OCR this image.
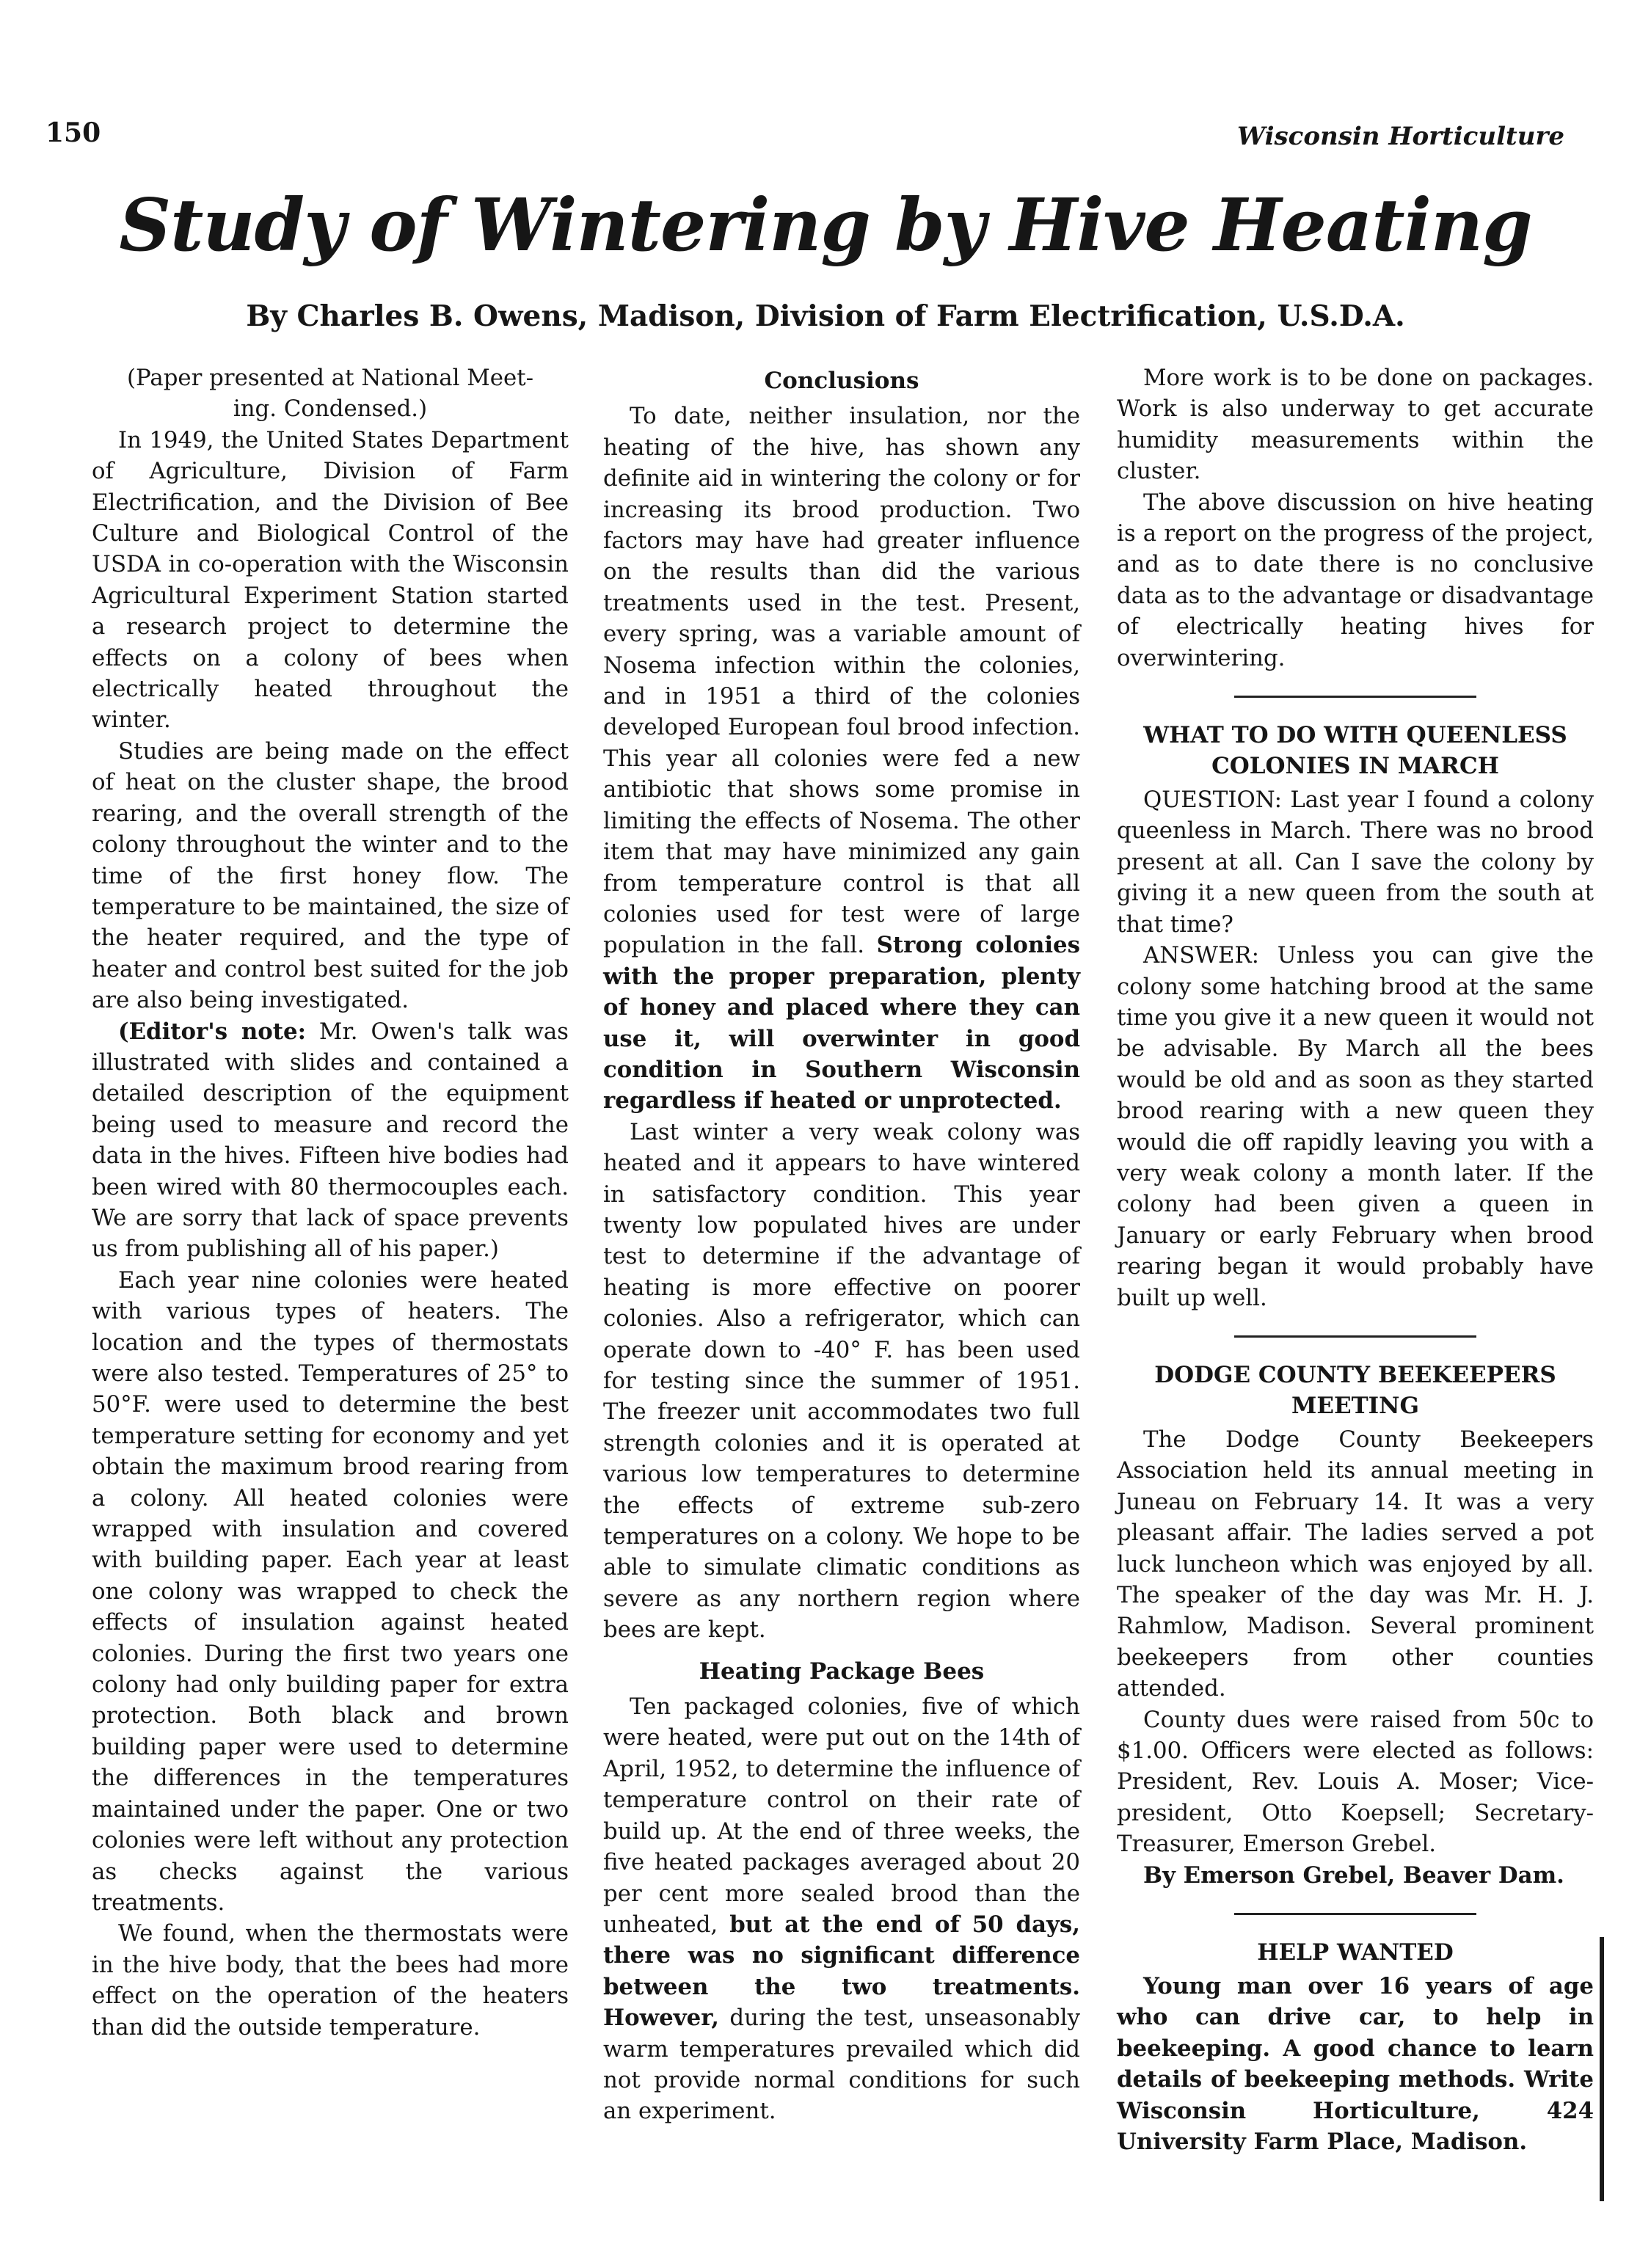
150	Wisconsin Horticulture
Study of Wintering by Hive Heating
By Charles B. Owens, Madison, Division of Farm Electrification, U.S.D.A.

(Paper presented at National Meet-

ing. Condensed.)

In 1949, the United States Department of Agriculture, Division of Farm Electrification, and the Division of Bee Culture and Biological Control of the USDA in co-operation with the Wisconsin Agricultural Experiment Station started a research project to determine the effects on a colony of bees when electrically heated throughout the winter.

Studies are being made on the effect of heat on the cluster shape, the brood rearing, and the overall strength of the colony throughout the winter and to the time of the first honey flow. The temperature to be maintained, the size of the heater required, and the type of heater and control best suited for the job are also being investigated.

(Editor's note: Mr. Owen's talk was illustrated with slides and contained a detailed description of the equipment being used to measure and record the data in the hives. Fifteen hive bodies had been wired with 80 thermocouples each. We are sorry that lack of space prevents us from publishing all of his paper.)

Each year nine colonies were heated with various types of heaters. The location and the types of thermostats were also tested. Temperatures of 25° to 50°F. were used to determine the best temperature setting for economy and yet obtain the maximum brood rearing from a colony. All heated colonies were wrapped with insulation and covered with building paper. Each year at least one colony was wrapped to check the effects of insulation against heated colonies. During the first two years one colony had only building paper for extra protection. Both black and brown building paper were used to determine the differences in the temperatures maintained under the paper. One or two colonies were left without any protection as checks against the various treatments.

We found, when the thermostats were in the hive body, that the bees had more effect on the operation of the heaters than did the outside temperature.

Conclusions

To date, neither insulation, nor the heating of the hive, has shown any definite aid in wintering the colony or for increasing its brood production. Two factors may have had greater influence on the results than did the various treatments used in the test. Present, every spring, was a variable amount of Nosema infection within the colonies, and in 1951 a third of the colonies developed European foul brood infection. This year all colonies were fed a new antibiotic that shows some promise in limiting the effects of Nosema. The other item that may have minimized any gain from temperature control is that all colonies used for test were of large population in the fall. Strong colonies with the proper preparation, plenty of honey and placed where they can use it, will overwinter in good condition in Southern Wisconsin regardless if heated or unprotected.

Last winter a very weak colony was heated and it appears to have wintered in satisfactory condition. This year twenty low populated hives are under test to determine if the advantage of heating is more effective on poorer colonies. Also a refrigerator, which can operate down to -40° F. has been used for testing since the summer of 1951. The freezer unit accommodates two full strength colonies and it is operated at various low temperatures to determine the effects of extreme sub-zero temperatures on a colony. We hope to be able to simulate climatic conditions as severe as any northern region where bees are kept.

Heating Package Bees

Ten packaged colonies, five of which were heated, were put out on the 14th of April, 1952, to determine the influence of temperature control on their rate of build up. At the end of three weeks, the five heated packages averaged about 20 per cent more sealed brood than the unheated, but at the end of 50 days, there was no significant difference between the two treatments. However, during the test, unseasonably warm temperatures prevailed which did not provide normal conditions for such an experiment.

More work is to be done on packages. Work is also underway to get accurate humidity measurements within the cluster.

The above discussion on hive heating is a report on the progress of the project, and as to date there is no conclusive data as to the advantage or disadvantage of electrically heating hives for overwintering.

WHAT TO DO WITH QUEENLESS COLONIES IN MARCH

QUESTION: Last year I found a colony queenless in March. There was no brood present at all. Can I save the colony by giving it a new queen from the south at that time?

ANSWER: Unless you can give the colony some hatching brood at the same time you give it a new queen it would not be advisable. By March all the bees would be old and as soon as they started brood rearing with a new queen they would die off rapidly leaving you with a very weak colony a month later. If the colony had been given a queen in January or early February when brood rearing began it would probably have built up well.

DODGE COUNTY BEEKEEPERS MEETING

The Dodge County Beekeepers Association held its annual meeting in Juneau on February 14. It was a very pleasant affair. The ladies served a pot luck luncheon which was enjoyed by all. The speaker of the day was Mr. H. J. Rahmlow, Madison. Several prominent beekeepers from other counties attended.

County dues were raised from 50c to $1.00. Officers were elected as follows: President, Rev. Louis A. Moser; Vice-president, Otto Koepsell; Secretary-Treasurer, Emerson Grebel.

By Emerson Grebel, Beaver Dam.

HELP WANTED

Young man over 16 years of age who can drive car, to help in beekeeping. A good chance to learn details of beekeeping methods. Write Wisconsin Horticulture, 424 University Farm Place, Madison.
